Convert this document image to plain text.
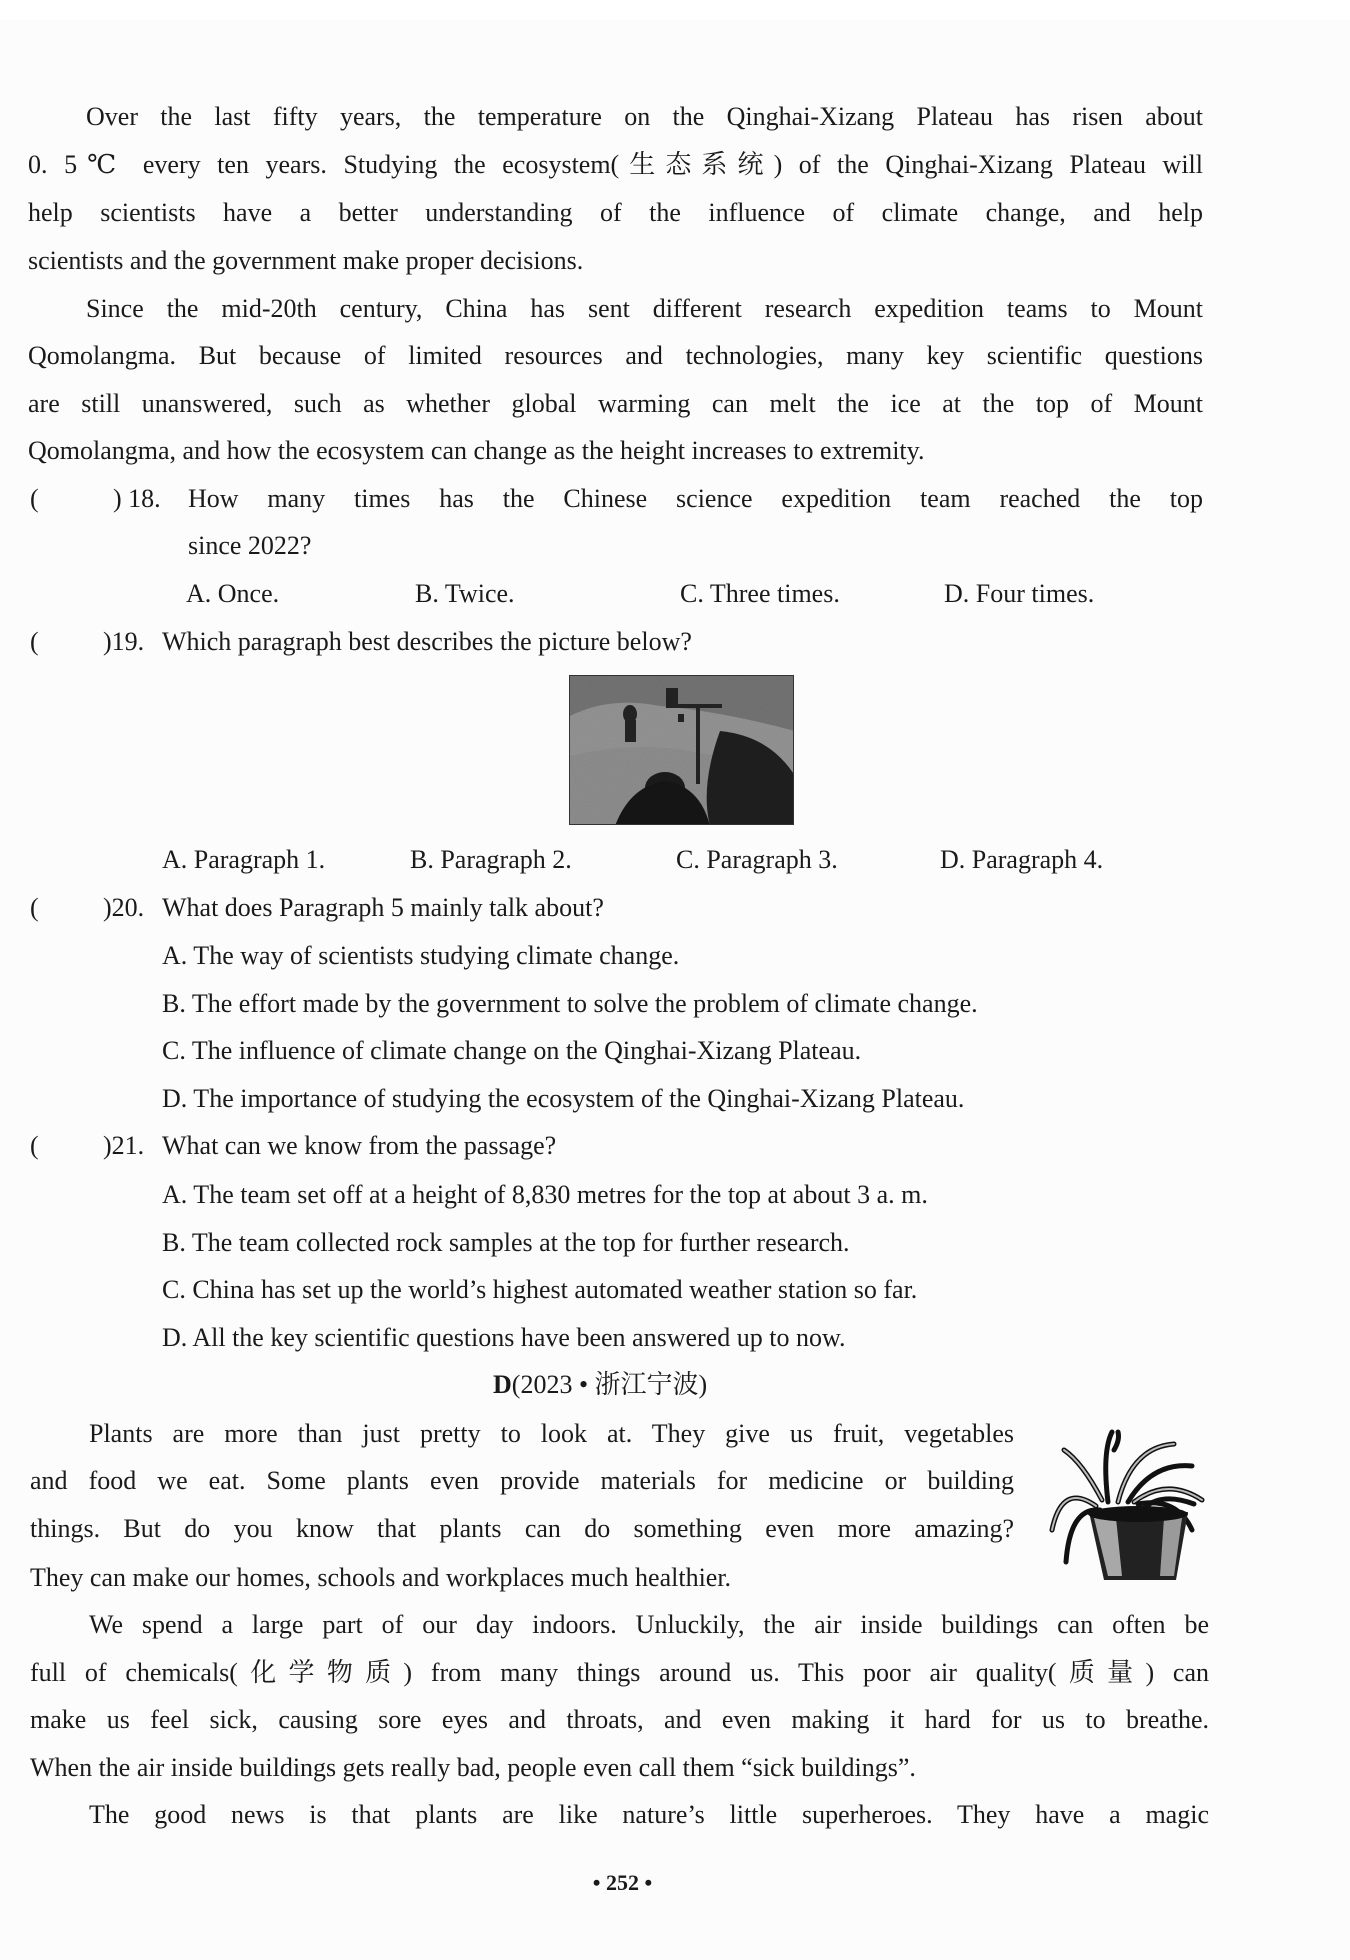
Over the last fifty years, the temperature on the Qinghai-Xizang Plateau has risen about
0. 5℃ every ten years. Studying the ecosystem(生态系统) of the Qinghai-Xizang Plateau will
help scientists have a better understanding of the influence of climate change, and help
scientists and the government make proper decisions.
Since the mid-20th century, China has sent different research expedition teams to Mount
Qomolangma. But because of limited resources and technologies, many key scientific questions
are still unanswered, such as whether global warming can melt the ice at the top of Mount
Qomolangma, and how the ecosystem can change as the height increases to extremity.
(	) 18. How many times has the Chinese science expedition team reached the top
since 2022?
A. Once.	B. Twice.	C. Three times.	D. Four times.
( )19. Which paragraph best describes the picture below?
A. Paragraph 1.	B. Paragraph 2.	C. Paragraph 3.	D. Paragraph 4.
( )20. What does Paragraph 5 mainly talk about?
A. The way of scientists studying climate change.
B. The effort made by the government to solve the problem of climate change.
C. The influence of climate change on the Qinghai-Xizang Plateau.
D. The importance of studying the ecosystem of the Qinghai-Xizang Plateau.
( )21. What can we know from the passage?
A. The team set off at a height of 8,830 metres for the top at about 3 a. m.
B. The team collected rock samples at the top for further research.
C. China has set up the world’s highest automated weather station so far.
D. All the key scientific questions have been answered up to now.
D(2023 • 浙江宁波)
Plants are more than just pretty to look at. They give us fruit, vegetables
and food we eat. Some plants even provide materials for medicine or building
things. But do you know that plants can do something even more amazing?
They can make our homes, schools and workplaces much healthier.
We spend a large part of our day indoors. Unluckily, the air inside buildings can often be
full of chemicals(化学物质) from many things around us. This poor air quality(质量) can
make us feel sick, causing sore eyes and throats, and even making it hard for us to breathe.
When the air inside buildings gets really bad, people even call them “sick buildings”.
The good news is that plants are like nature’s little superheroes. They have a magic
• 252 •
